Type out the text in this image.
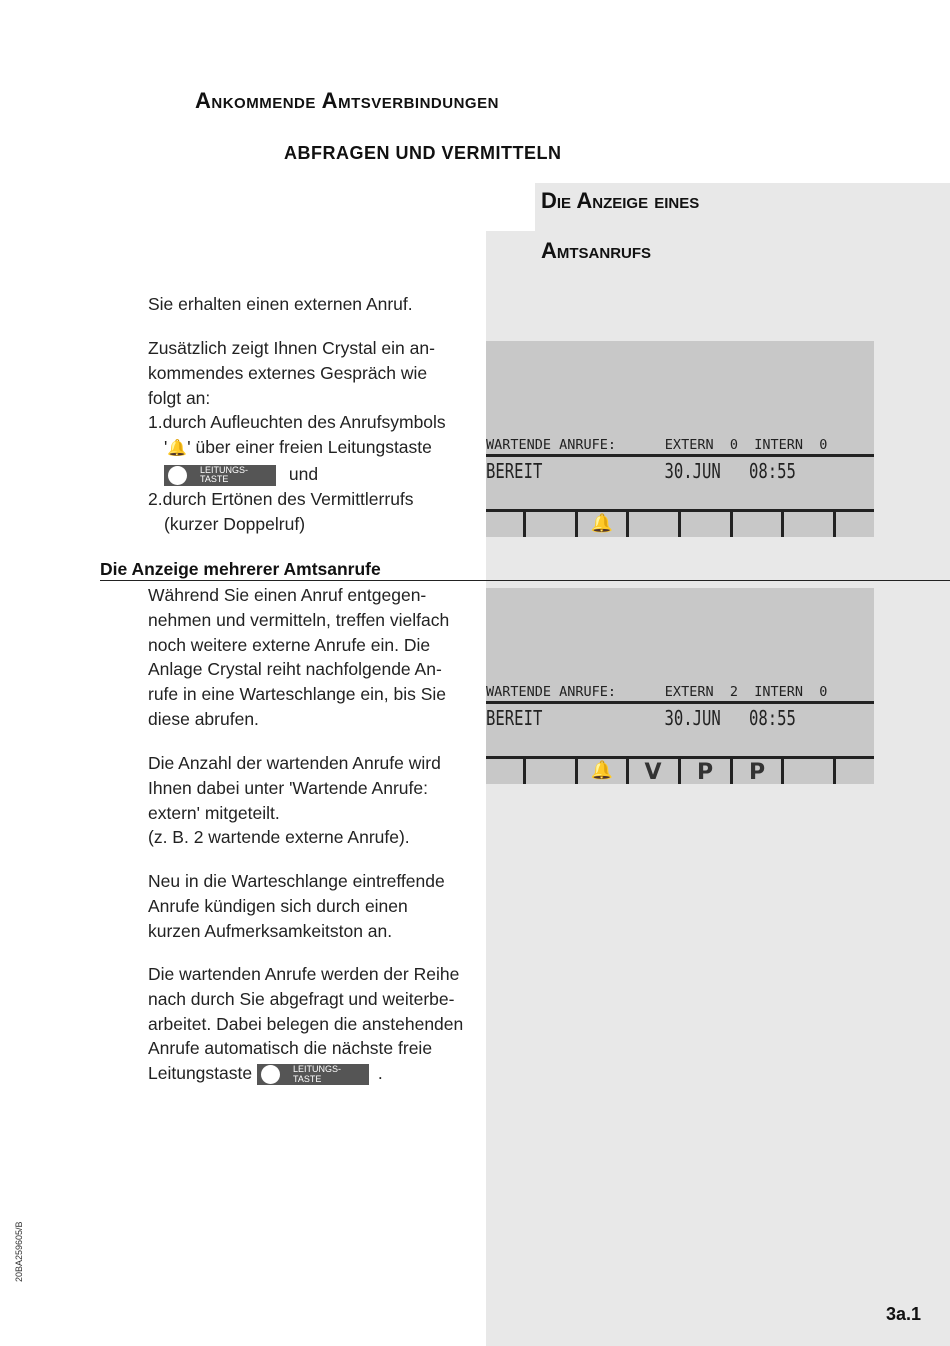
Ankommende Amtsverbindungen
ABFRAGEN UND VERMITTELN
Die Anzeige eines
Amtsanrufs
Sie erhalten einen externen Anruf.
Zusätzlich zeigt Ihnen Crystal ein an-
kommendes externes Gespräch wie
folgt an:
1.durch Aufleuchten des Anrufsymbols
'🔔' über einer freien Leitungstaste
LEITUNGS-
TASTE	und
2.durch Ertönen des Vermittlerrufs
(kurzer Doppelruf)
WARTENDE ANRUFE:      EXTERN  0  INTERN  0
BEREIT	30.JUN 08:55
🔔
Die Anzeige mehrerer Amtsanrufe
Während Sie einen Anruf entgegen-
nehmen und vermitteln, treffen vielfach
noch weitere externe Anrufe ein. Die
Anlage Crystal reiht nachfolgende An-
rufe in eine Warteschlange ein, bis Sie
diese abrufen.
WARTENDE ANRUFE:      EXTERN  2  INTERN  0
BEREIT	30.JUN 08:55
🔔	V	P	P
Die Anzahl der wartenden Anrufe wird
Ihnen dabei unter 'Wartende Anrufe:
extern' mitgeteilt.
(z. B. 2 wartende externe Anrufe).
Neu in die Warteschlange eintreffende
Anrufe kündigen sich durch einen
kurzen Aufmerksamkeitston an.
Die wartenden Anrufe werden der Reihe
nach durch Sie abgefragt und weiterbe-
arbeitet. Dabei belegen die anstehenden
Anrufe automatisch die nächste freie
Leitungstaste	LEITUNGS-
TASTE	.
20BA259605/B
3a.1
